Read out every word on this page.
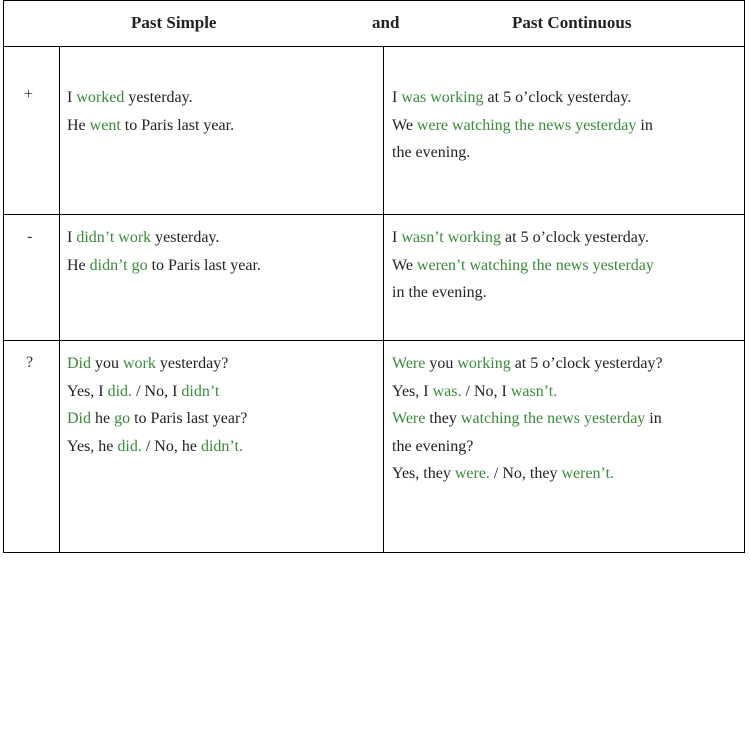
Past Simple	and	Past Continuous
+
-
?
I worked yesterday.
He went to Paris last year.
I was working at 5 o’clock yesterday.
We were watching the news yesterday in
the evening.
I didn’t work yesterday.
He didn’t go to Paris last year.
I wasn’t working at 5 o’clock yesterday.
We weren’t watching the news yesterday
in the evening.
Did you work yesterday?
Yes, I did. / No, I didn’t
Did he go to Paris last year?
Yes, he did. / No, he didn’t.
Were you working at 5 o’clock yesterday?
Yes, I was. / No, I wasn’t.
Were they watching the news yesterday in
the evening?
Yes, they were. / No, they weren’t.
